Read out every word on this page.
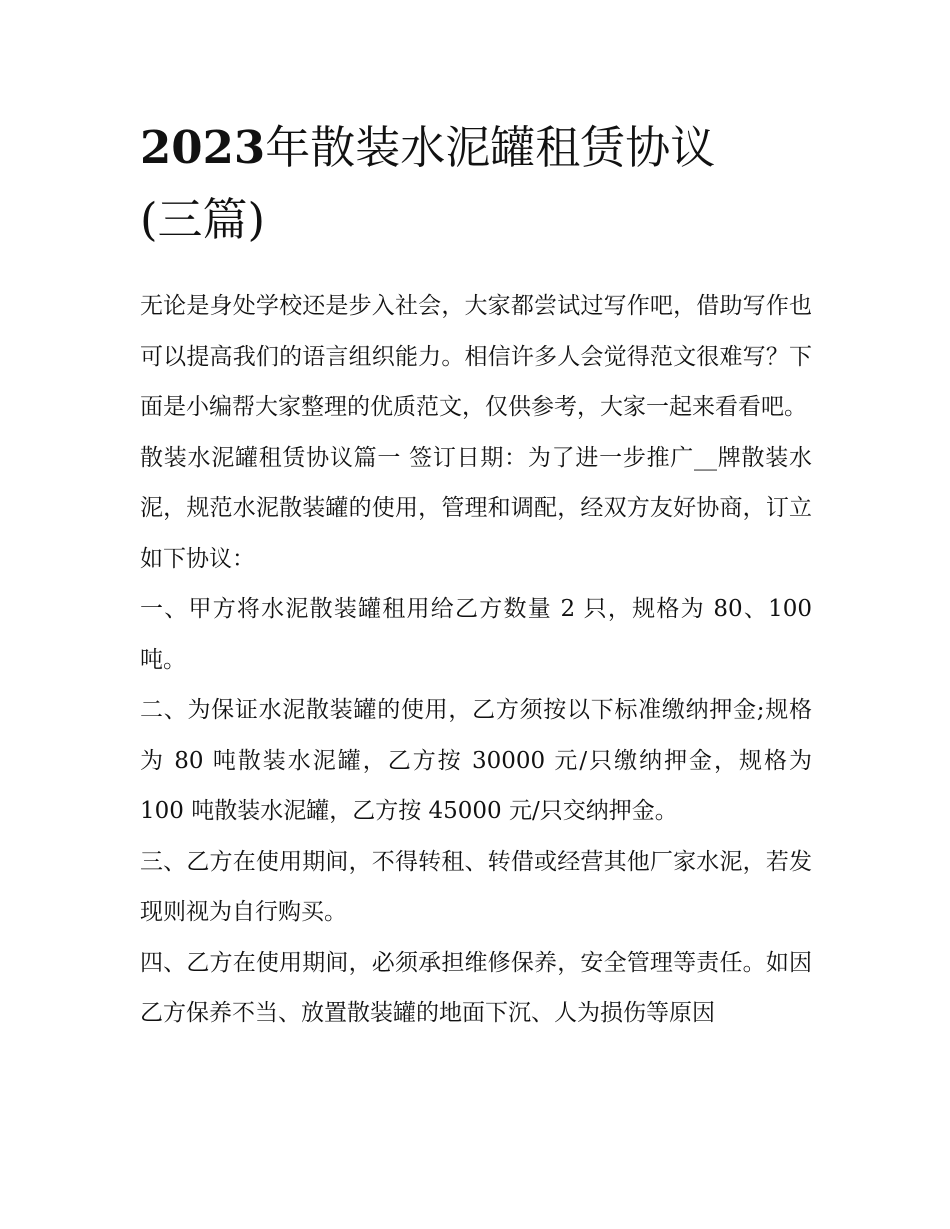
2023年散装水泥罐租赁协议
(三篇)

无论是身处学校还是步入社会，大家都尝试过写作吧，借助写作也可以提高我们的语言组织能力。相信许多人会觉得范文很难写？下面是小编帮大家整理的优质范文，仅供参考，大家一起来看看吧。

散装水泥罐租赁协议篇一 签订日期：为了进一步推广__牌散装水泥，规范水泥散装罐的使用，管理和调配，经双方友好协商，订立如下协议：

一、甲方将水泥散装罐租用给乙方数量 2 只，规格为 80、100 吨。

二、为保证水泥散装罐的使用，乙方须按以下标准缴纳押金;规格为 80 吨散装水泥罐，乙方按 30000 元/只缴纳押金，规格为 100 吨散装水泥罐，乙方按 45000 元/只交纳押金。

三、乙方在使用期间，不得转租、转借或经营其他厂家水泥，若发现则视为自行购买。

四、乙方在使用期间，必须承担维修保养，安全管理等责任。如因乙方保养不当、放置散装罐的地面下沉、人为损伤等原因
